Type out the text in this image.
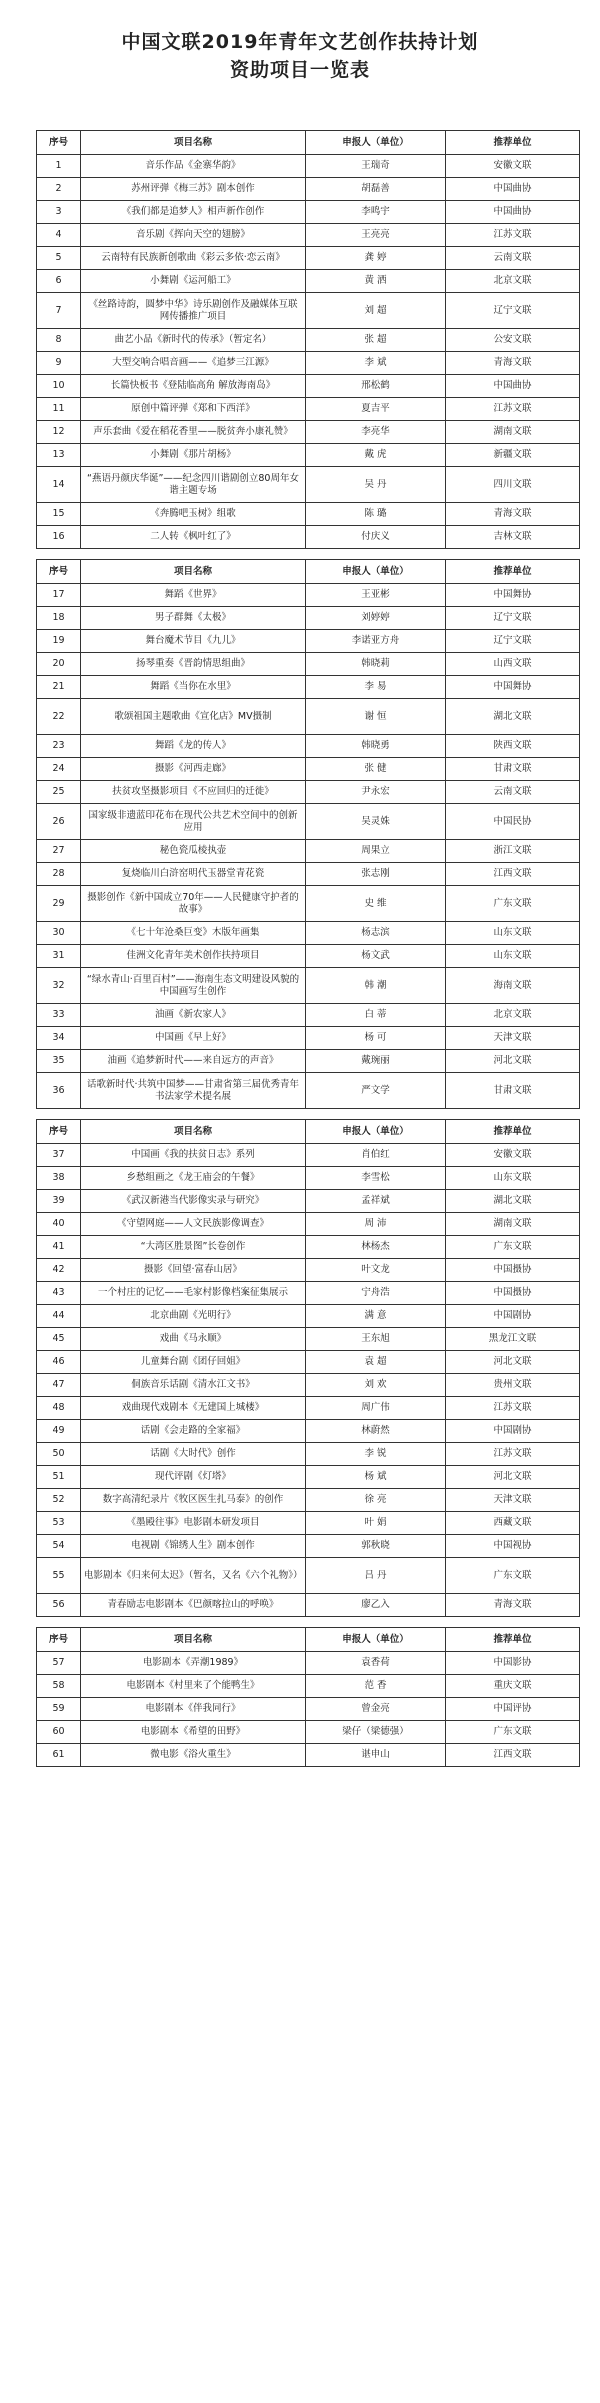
中国文联2019年青年文艺创作扶持计划
资助项目一览表
序号	项目名称	申报人（单位）	推荐单位
1	音乐作品《金寨华韵》	王瑞奇	安徽文联
2	苏州评弹《梅三苏》剧本创作	胡磊善	中国曲协
3	《我们都是追梦人》相声新作创作	李鸣宇	中国曲协
4	音乐剧《挥向天空的翅膀》	王亮亮	江苏文联
5	云南特有民族新创歌曲《彩云多依·恋云南》	龚 婷	云南文联
6	小舞剧《运河船工》	黄 洒	北京文联
7	《丝路诗韵，圆梦中华》诗乐剧创作及融媒体互联网传播推广项目	刘 超	辽宁文联
8	曲艺小品《新时代的传承》（暂定名）	张 超	公安文联
9	大型交响合唱音画——《追梦三江源》	李 斌	青海文联
10	长篇快板书《登陆临高角 解放海南岛》	邢松鹤	中国曲协
11	原创中篇评弹《郑和下西洋》	夏吉平	江苏文联
12	声乐套曲《爱在稻花香里——脱贫奔小康礼赞》	李亮华	湖南文联
13	小舞剧《那片胡杨》	戴 虎	新疆文联
14	“燕语丹颜庆华诞”——纪念四川谐剧创立80周年女谐主题专场	吴 丹	四川文联
15	《奔腾吧玉树》组歌	陈 璐	青海文联
16	二人转《枫叶红了》	付庆义	吉林文联
序号	项目名称	申报人（单位）	推荐单位
17	舞蹈《世界》	王亚彬	中国舞协
18	男子群舞《太极》	刘婷婷	辽宁文联
19	舞台魔术节目《九儿》	李诺亚方舟	辽宁文联
20	扬琴重奏《晋韵情思组曲》	韩晓莉	山西文联
21	舞蹈《当你在水里》	李 易	中国舞协
22	歌颂祖国主题歌曲《宣化店》MV摄制	谢 恒	湖北文联
23	舞蹈《龙的传人》	韩晓勇	陕西文联
24	摄影《河西走廊》	张 健	甘肃文联
25	扶贫攻坚摄影项目《不应回归的迁徙》	尹永宏	云南文联
26	国家级非遗蓝印花布在现代公共艺术空间中的创新应用	吴灵姝	中国民协
27	秘色瓷瓜棱执壶	周果立	浙江文联
28	复烧临川白浒窑明代玉器堂青花瓷	张志刚	江西文联
29	摄影创作《新中国成立70年——人民健康守护者的故事》	史 维	广东文联
30	《七十年沧桑巨变》木版年画集	杨志滨	山东文联
31	佳洲文化青年美术创作扶持项目	杨文武	山东文联
32	“绿水青山·百里百村”——海南生态文明建设风貌的中国画写生创作	韩 潮	海南文联
33	油画《新农家人》	白 蒂	北京文联
34	中国画《早上好》	杨 可	天津文联
35	油画《追梦新时代——来自远方的声音》	戴琬丽	河北文联
36	话歌新时代·共筑中国梦——甘肃省第三届优秀青年书法家学术提名展	严文学	甘肃文联
序号	项目名称	申报人（单位）	推荐单位
37	中国画《我的扶贫日志》系列	肖伯红	安徽文联
38	乡愁组画之《龙王庙会的午餐》	李雪松	山东文联
39	《武汉新港当代影像实录与研究》	孟祥斌	湖北文联
40	《守望网庭——人文民族影像调查》	周 沛	湖南文联
41	“大湾区胜景图”长卷创作	林杨杰	广东文联
42	摄影《回望·富春山居》	叶文龙	中国摄协
43	一个村庄的记忆——毛家村影像档案征集展示	宁舟浩	中国摄协
44	北京曲剧《光明行》	满 意	中国剧协
45	戏曲《马永顺》	王东旭	黑龙江文联
46	儿童舞台剧《团仔回姐》	袁 超	河北文联
47	侗族音乐话剧《清水江文书》	刘 欢	贵州文联
48	戏曲现代戏剧本《无建国上城楼》	周广伟	江苏文联
49	话剧《会走路的全家福》	林蔚然	中国剧协
50	话剧《大时代》创作	李 锐	江苏文联
51	现代评剧《灯塔》	杨 斌	河北文联
52	数字高清纪录片《牧区医生扎马泰》的创作	徐 亮	天津文联
53	《墨殿往事》电影剧本研发项目	叶 娟	西藏文联
54	电视剧《锦绣人生》剧本创作	郭秋晓	中国视协
55	电影剧本《归来何太迟》（暂名，又名《六个礼物》）	吕 丹	广东文联
56	青春励志电影剧本《巴颜喀拉山的呼唤》	廖乙入	青海文联
序号	项目名称	申报人（单位）	推荐单位
57	电影剧本《弄潮1989》	袁香荷	中国影协
58	电影剧本《村里来了个能鸭生》	范 香	重庆文联
59	电影剧本《伴我同行》	曾金亮	中国评协
60	电影剧本《希望的田野》	梁仔（梁德强）	广东文联
61	微电影《浴火重生》	谌申山	江西文联
